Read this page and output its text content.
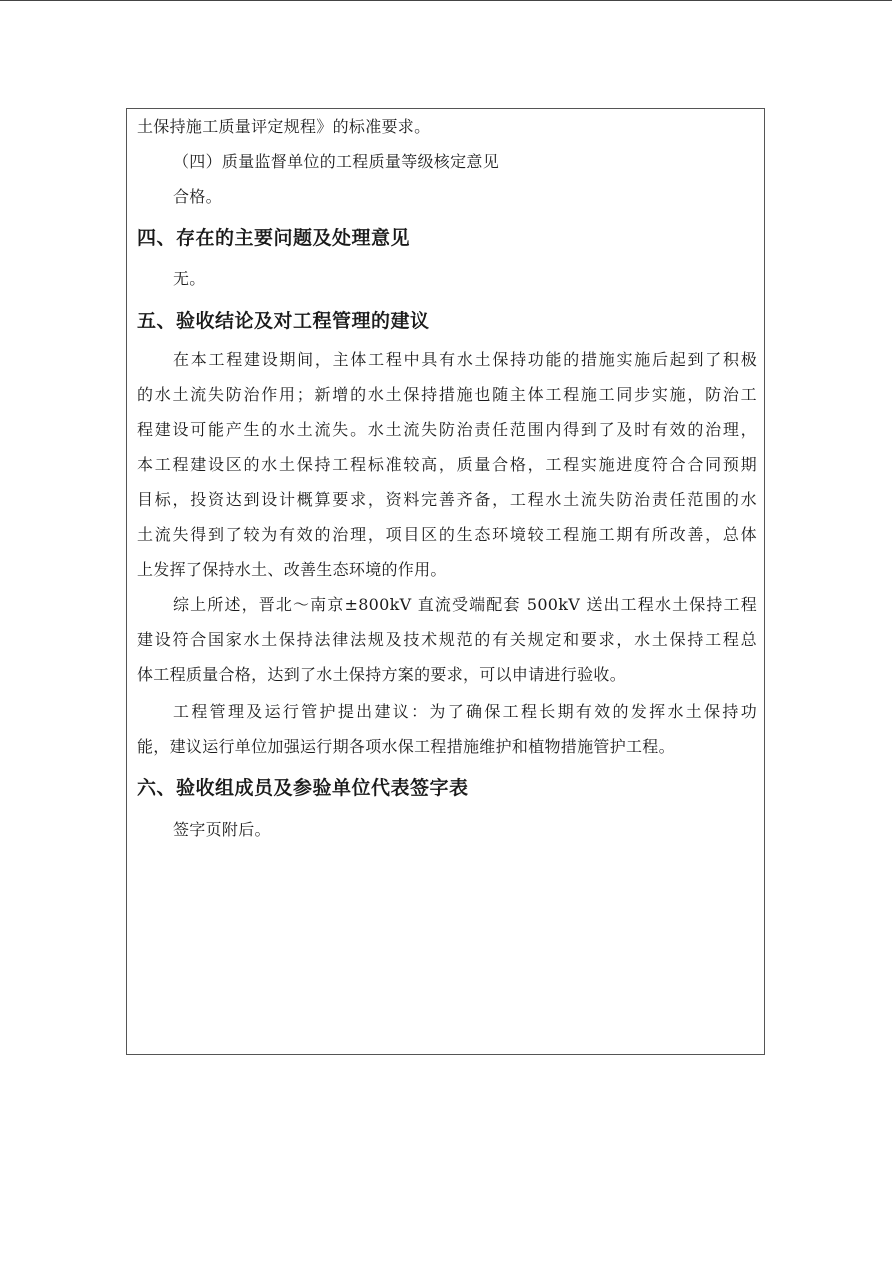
土保持施工质量评定规程》的标准要求。
（四）质量监督单位的工程质量等级核定意见
合格。
四、存在的主要问题及处理意见
无。
五、验收结论及对工程管理的建议
在本工程建设期间，主体工程中具有水土保持功能的措施实施后起到了积极
的水土流失防治作用；新增的水土保持措施也随主体工程施工同步实施，防治工
程建设可能产生的水土流失。水土流失防治责任范围内得到了及时有效的治理，
本工程建设区的水土保持工程标准较高，质量合格，工程实施进度符合合同预期
目标，投资达到设计概算要求，资料完善齐备，工程水土流失防治责任范围的水
土流失得到了较为有效的治理，项目区的生态环境较工程施工期有所改善，总体
上发挥了保持水土、改善生态环境的作用。
综上所述，晋北～南京±800kV 直流受端配套 500kV 送出工程水土保持工程
建设符合国家水土保持法律法规及技术规范的有关规定和要求，水土保持工程总
体工程质量合格，达到了水土保持方案的要求，可以申请进行验收。
工程管理及运行管护提出建议：为了确保工程长期有效的发挥水土保持功
能，建议运行单位加强运行期各项水保工程措施维护和植物措施管护工程。
六、验收组成员及参验单位代表签字表
签字页附后。
